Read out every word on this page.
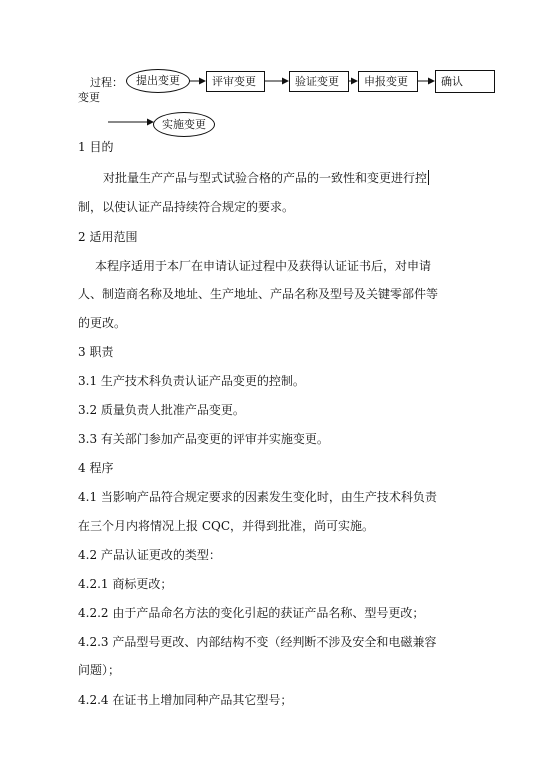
过程：
变更
提出变更	评审变更	验证变更	申报变更	确认
实施变更
1 目的
对批量生产产品与型式试验合格的产品的一致性和变更进行控
制，以使认证产品持续符合规定的要求。
2 适用范围
本程序适用于本厂在申请认证过程中及获得认证证书后，对申请
人、制造商名称及地址、生产地址、产品名称及型号及关键零部件等
的更改。
3 职责
3.1 生产技术科负责认证产品变更的控制。
3.2 质量负责人批准产品变更。
3.3 有关部门参加产品变更的评审并实施变更。
4 程序
4.1 当影响产品符合规定要求的因素发生变化时，由生产技术科负责
在三个月内将情况上报 CQC，并得到批准，尚可实施。
4.2 产品认证更改的类型：
4.2.1 商标更改；
4.2.2 由于产品命名方法的变化引起的获证产品名称、型号更改；
4.2.3 产品型号更改、内部结构不变（经判断不涉及安全和电磁兼容
问题）；
4.2.4 在证书上增加同种产品其它型号；
